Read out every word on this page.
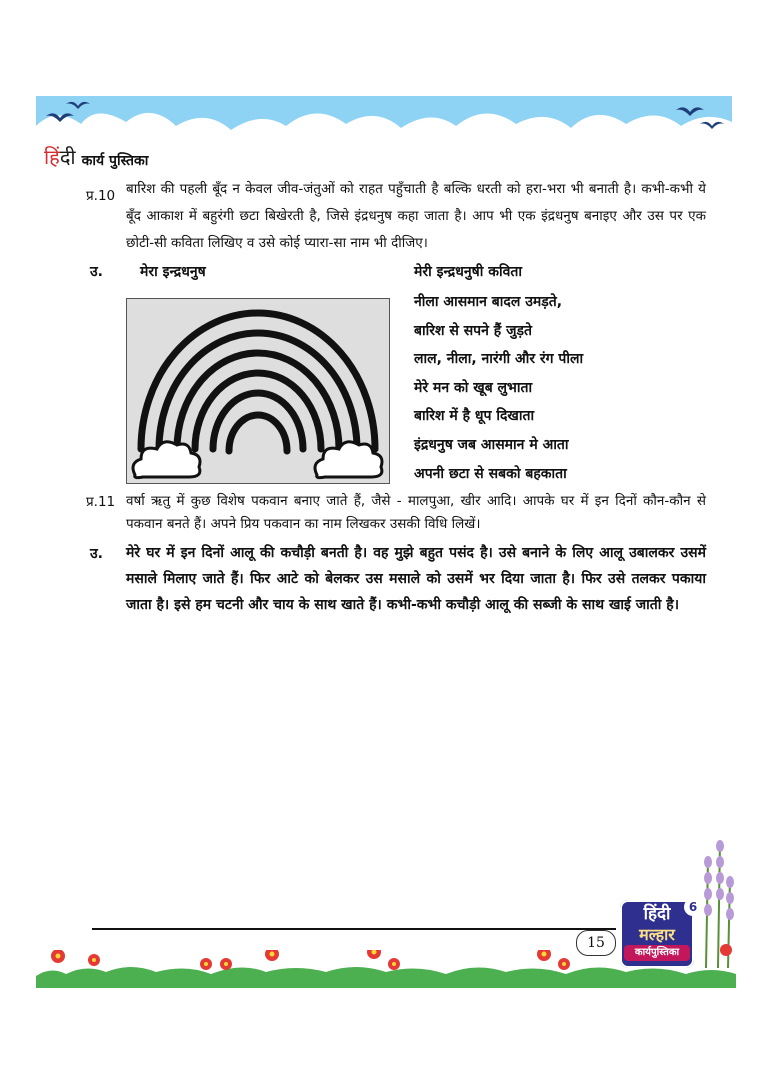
हिंदी कार्य पुस्तिका
प्र.10 बारिश की पहली बूँद न केवल जीव-जंतुओं को राहत पहुँचाती है बल्कि धरती को हरा-भरा भी बनाती है। कभी-कभी ये बूँद आकाश में बहुरंगी छटा बिखेरती है, जिसे इंद्रधनुष कहा जाता है। आप भी एक इंद्रधनुष बनाइए और उस पर एक छोटी-सी कविता लिखिए व उसे कोई प्यारा-सा नाम भी दीजिए।
उ.	मेरा इन्द्रधनुष	मेरी इन्द्रधनुषी कविता
नीला आसमान बादल उमड़ते,
बारिश से सपने हैं जुड़ते
लाल, नीला, नारंगी और रंग पीला
मेरे मन को खूब लुभाता
बारिश में है धूप दिखाता
इंद्रधनुष जब आसमान मे आता
अपनी छटा से सबको बहकाता
प्र.11 वर्षा ऋतु में कुछ विशेष पकवान बनाए जाते हैं, जैसे - मालपुआ, खीर आदि। आपके घर में इन दिनों कौन-कौन से पकवान बनते हैं। अपने प्रिय पकवान का नाम लिखकर उसकी विधि लिखें।
उ. मेरे घर में इन दिनों आलू की कचौड़ी बनती है। वह मुझे बहुत पसंद है। उसे बनाने के लिए आलू उबालकर उसमें मसाले मिलाए जाते हैं। फिर आटे को बेलकर उस मसाले को उसमें भर दिया जाता है। फिर उसे तलकर पकाया जाता है। इसे हम चटनी और चाय के साथ खाते हैं। कभी-कभी कचौड़ी आलू की सब्जी के साथ खाई जाती है।
15
हिंदी
मल्हार
कार्यपुस्तिका
6
